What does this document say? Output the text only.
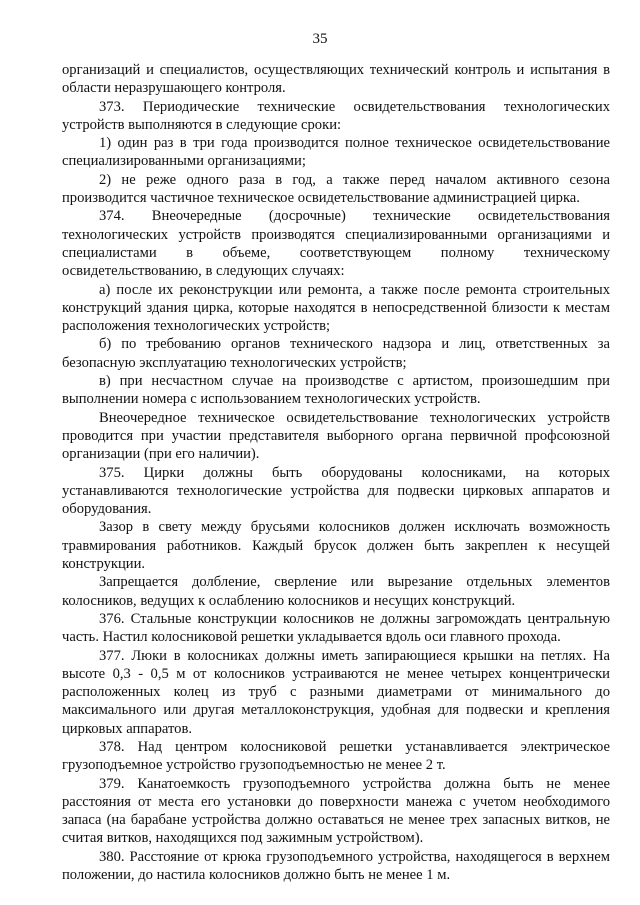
35

организаций и специалистов, осуществляющих технический контроль и испытания в области неразрушающего контроля.

373. Периодические технические освидетельствования технологических устройств выполняются в следующие сроки:

1) один раз в три года производится полное техническое освидетельствование специализированными организациями;

2) не реже одного раза в год, а также перед началом активного сезона производится частичное техническое освидетельствование администрацией цирка.

374. Внеочередные (досрочные) технические освидетельствования технологических устройств производятся специализированными организациями и специалистами в объеме, соответствующем полному техническому освидетельствованию, в следующих случаях:

а) после их реконструкции или ремонта, а также после ремонта строительных конструкций здания цирка, которые находятся в непосредственной близости к местам расположения технологических устройств;

б) по требованию органов технического надзора и лиц, ответственных за безопасную эксплуатацию технологических устройств;

в) при несчастном случае на производстве с артистом, произошедшим при выполнении номера с использованием технологических устройств.

Внеочередное техническое освидетельствование технологических устройств проводится при участии представителя выборного органа первичной профсоюзной организации (при его наличии).

375. Цирки должны быть оборудованы колосниками, на которых устанавливаются технологические устройства для подвески цирковых аппаратов и оборудования.

Зазор в свету между брусьями колосников должен исключать возможность травмирования работников. Каждый брусок должен быть закреплен к несущей конструкции.

Запрещается долбление, сверление или вырезание отдельных элементов колосников, ведущих к ослаблению колосников и несущих конструкций.

376. Стальные конструкции колосников не должны загромождать центральную часть. Настил колосниковой решетки укладывается вдоль оси главного прохода.

377. Люки в колосниках должны иметь запирающиеся крышки на петлях. На высоте 0,3 - 0,5 м от колосников устраиваются не менее четырех концентрически расположенных колец из труб с разными диаметрами от минимального до максимального или другая металлоконструкция, удобная для подвески и крепления цирковых аппаратов.

378. Над центром колосниковой решетки устанавливается электрическое грузоподъемное устройство грузоподъемностью не менее 2 т.

379. Канатоемкость грузоподъемного устройства должна быть не менее расстояния от места его установки до поверхности манежа с учетом необходимого запаса (на барабане устройства должно оставаться не менее трех запасных витков, не считая витков, находящихся под зажимным устройством).

380. Расстояние от крюка грузоподъемного устройства, находящегося в верхнем положении, до настила колосников должно быть не менее 1 м.
